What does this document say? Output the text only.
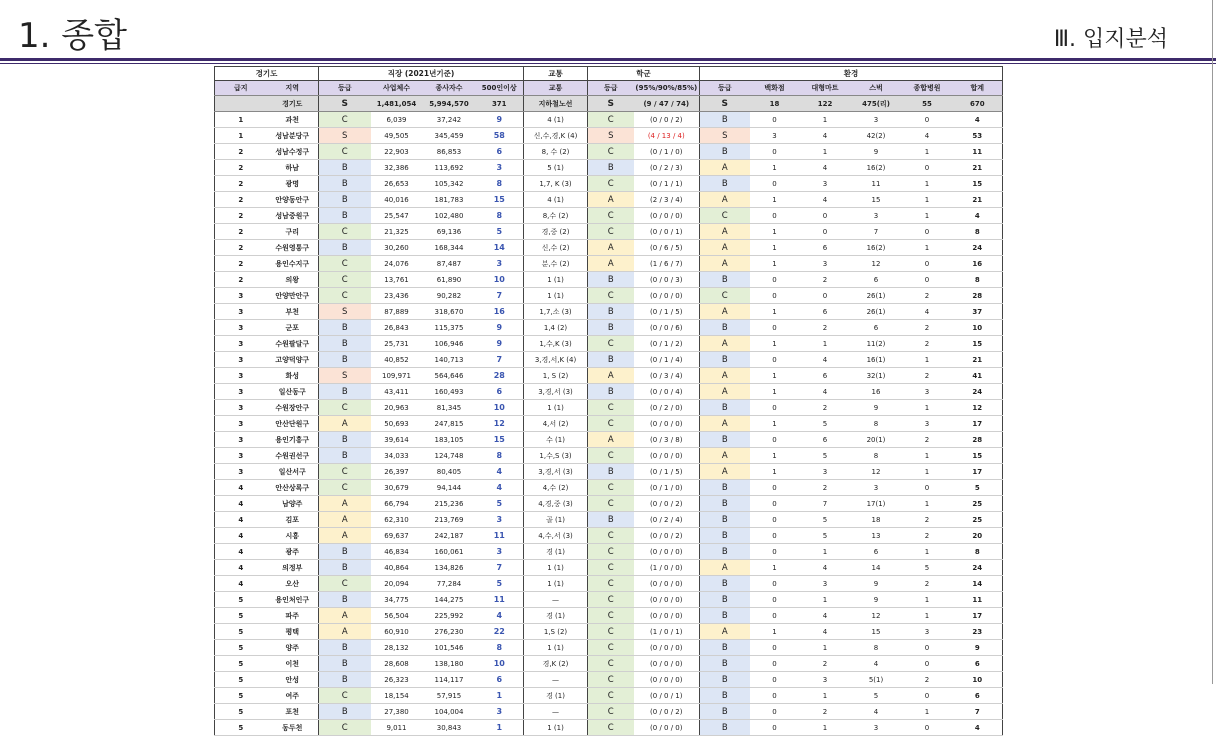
1. 종합	Ⅲ. 입지분석
경기도		직장 (2021년기준)				교통	학군		환경					
급지	지역	등급	사업체수	종사자수	500인이상	교통	등급	(95%/90%/85%)	등급	백화점	대형마트	스벅	종합병원	합계
	경기도	S	1,481,054	5,994,570	371	지하철노선	S	(9 / 47 / 74)	S	18	122	475(리)	55	670
1	과천	C	6,039	37,242	9	4 (1)	C	(0 / 0 / 2)	B	0	1	3	0	4
1	성남분당구	S	49,505	345,459	58	신,수,경,K (4)	S	(4 / 13 / 4)	S	3	4	42(2)	4	53
2	성남수정구	C	22,903	86,853	6	8, 수 (2)	C	(0 / 1 / 0)	B	0	1	9	1	11
2	하남	B	32,386	113,692	3	5 (1)	B	(0 / 2 / 3)	A	1	4	16(2)	0	21
2	광명	B	26,653	105,342	8	1,7, K (3)	C	(0 / 1 / 1)	B	0	3	11	1	15
2	안양동안구	B	40,016	181,783	15	4 (1)	A	(2 / 3 / 4)	A	1	4	15	1	21
2	성남중원구	B	25,547	102,480	8	8,수 (2)	C	(0 / 0 / 0)	C	0	0	3	1	4
2	구리	C	21,325	69,136	5	경,중 (2)	C	(0 / 0 / 1)	A	1	0	7	0	8
2	수원영통구	B	30,260	168,344	14	신,수 (2)	A	(0 / 6 / 5)	A	1	6	16(2)	1	24
2	용인수지구	C	24,076	87,487	3	분,수 (2)	A	(1 / 6 / 7)	A	1	3	12	0	16
2	의왕	C	13,761	61,890	10	1 (1)	B	(0 / 0 / 3)	B	0	2	6	0	8
3	안양만안구	C	23,436	90,282	7	1 (1)	C	(0 / 0 / 0)	C	0	0	26(1)	2	28
3	부천	S	87,889	318,670	16	1,7,소 (3)	B	(0 / 1 / 5)	A	1	6	26(1)	4	37
3	군포	B	26,843	115,375	9	1,4 (2)	B	(0 / 0 / 6)	B	0	2	6	2	10
3	수원팔달구	B	25,731	106,946	9	1,수,K (3)	C	(0 / 1 / 2)	A	1	1	11(2)	2	15
3	고양덕양구	B	40,852	140,713	7	3,경,서,K (4)	B	(0 / 1 / 4)	B	0	4	16(1)	1	21
3	화성	S	109,971	564,646	28	1, S (2)	A	(0 / 3 / 4)	A	1	6	32(1)	2	41
3	일산동구	B	43,411	160,493	6	3,경,서 (3)	B	(0 / 0 / 4)	A	1	4	16	3	24
3	수원장안구	C	20,963	81,345	10	1 (1)	C	(0 / 2 / 0)	B	0	2	9	1	12
3	안산단원구	A	50,693	247,815	12	4,서 (2)	C	(0 / 0 / 0)	A	1	5	8	3	17
3	용인기흥구	B	39,614	183,105	15	수 (1)	A	(0 / 3 / 8)	B	0	6	20(1)	2	28
3	수원권선구	B	34,033	124,748	8	1,수,S (3)	C	(0 / 0 / 0)	A	1	5	8	1	15
3	일산서구	C	26,397	80,405	4	3,경,서 (3)	B	(0 / 1 / 5)	A	1	3	12	1	17
4	안산상록구	C	30,679	94,144	4	4,수 (2)	C	(0 / 1 / 0)	B	0	2	3	0	5
4	남양주	A	66,794	215,236	5	4,경,중 (3)	C	(0 / 0 / 2)	B	0	7	17(1)	1	25
4	김포	A	62,310	213,769	3	골 (1)	B	(0 / 2 / 4)	B	0	5	18	2	25
4	시흥	A	69,637	242,187	11	4,수,서 (3)	C	(0 / 0 / 2)	B	0	5	13	2	20
4	광주	B	46,834	160,061	3	경 (1)	C	(0 / 0 / 0)	B	0	1	6	1	8
4	의정부	B	40,864	134,826	7	1 (1)	C	(1 / 0 / 0)	A	1	4	14	5	24
4	오산	C	20,094	77,284	5	1 (1)	C	(0 / 0 / 0)	B	0	3	9	2	14
5	용인처인구	B	34,775	144,275	11	—	C	(0 / 0 / 0)	B	0	1	9	1	11
5	파주	A	56,504	225,992	4	경 (1)	C	(0 / 0 / 0)	B	0	4	12	1	17
5	평택	A	60,910	276,230	22	1,S (2)	C	(1 / 0 / 1)	A	1	4	15	3	23
5	양주	B	28,132	101,546	8	1 (1)	C	(0 / 0 / 0)	B	0	1	8	0	9
5	이천	B	28,608	138,180	10	경,K (2)	C	(0 / 0 / 0)	B	0	2	4	0	6
5	안성	B	26,323	114,117	6	—	C	(0 / 0 / 0)	B	0	3	5(1)	2	10
5	여주	C	18,154	57,915	1	경 (1)	C	(0 / 0 / 1)	B	0	1	5	0	6
5	포천	B	27,380	104,004	3	—	C	(0 / 0 / 2)	B	0	2	4	1	7
5	동두천	C	9,011	30,843	1	1 (1)	C	(0 / 0 / 0)	B	0	1	3	0	4
